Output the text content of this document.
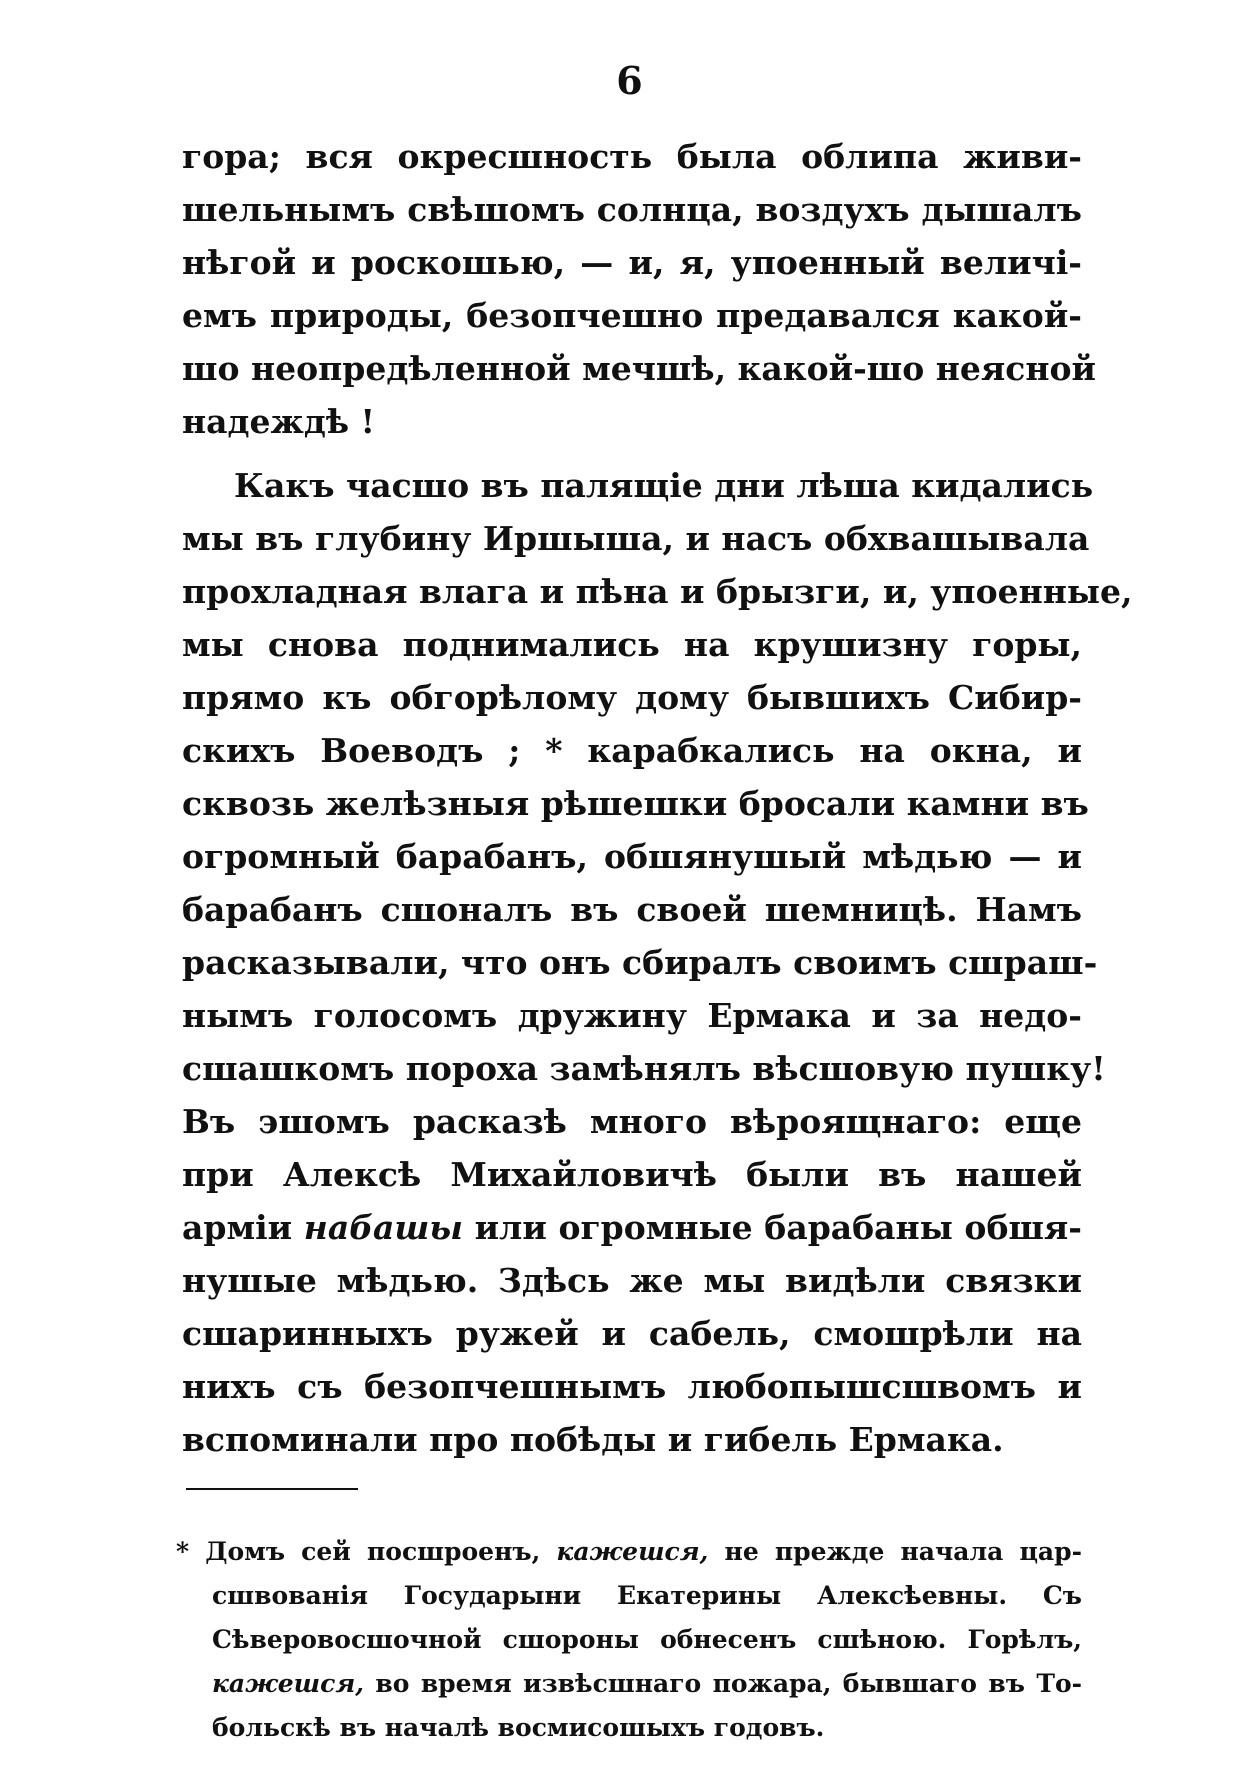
6
гора; вся окресшность была облипа живи-
шельнымъ свѣшомъ солнца, воздухъ дышалъ
нѣгой и роскошью, — и, я, упоенный величі-
емъ природы, безопчешно предавался какой-
шо неопредѣленной мечшѣ, какой-шо неясной
надеждѣ !
Какъ часшо въ палящіе дни лѣша кидались
мы въ глубину Иршыша, и насъ обхвашывала
прохладная влага и пѣна и брызги, и, упоенные,
мы снова поднимались на крушизну горы,
прямо къ обгорѣлому дому бывшихъ Сибир-
скихъ Воеводъ ; * карабкались на окна, и
сквозь желѣзныя рѣшешки бросали камни въ
огромный барабанъ, обшянушый мѣдью — и
барабанъ сшоналъ въ своей шемницѣ. Намъ
расказывали, что онъ сбиралъ своимъ сшраш-
нымъ голосомъ дружину Ермака и за недо-
сшашкомъ пороха замѣнялъ вѣсшовую пушку!
Въ эшомъ расказѣ много вѣроящнаго: еще
при Алексѣ Михайловичѣ были въ нашей
арміи набашы или огромные барабаны обшя-
нушые мѣдью. Здѣсь же мы видѣли связки
сшаринныхъ ружей и сабель, смошрѣли на
нихъ съ безопчешнымъ любопышсшвомъ и
вспоминали про побѣды и гибель Ермака.
* Домъ сей посшроенъ, кажешся, не прежде начала цар-
сшвованія Государыни Екатерины Алексѣевны. Съ
Сѣверовосшочной сшороны обнесенъ сшѣною. Горѣлъ,
кажешся, во время извѣсшнаго пожара, бывшаго въ То-
больскѣ въ началѣ восмисошыхъ годовъ.
